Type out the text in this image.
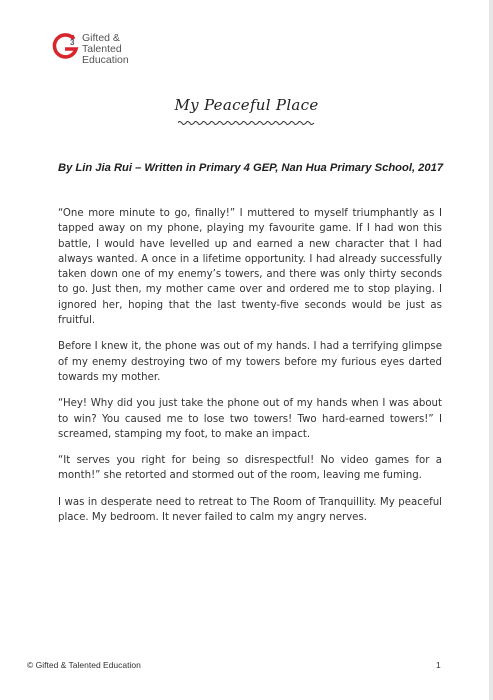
3 Gifted &
Talented
Education
My Peaceful Place
By Lin Jia Rui – Written in Primary 4 GEP, Nan Hua Primary School, 2017

“One more minute to go, finally!” I muttered to myself triumphantly as I tapped away on my phone, playing my favourite game. If I had won this battle, I would have levelled up and earned a new character that I had always wanted. A once in a lifetime opportunity. I had already successfully taken down one of my enemy’s towers, and there was only thirty seconds to go. Just then, my mother came over and ordered me to stop playing. I ignored her, hoping that the last twenty-five seconds would be just as fruitful.

Before I knew it, the phone was out of my hands. I had a terrifying glimpse of my enemy destroying two of my towers before my furious eyes darted towards my mother.

“Hey! Why did you just take the phone out of my hands when I was about to win? You caused me to lose two towers! Two hard-earned towers!” I screamed, stamping my foot, to make an impact.

“It serves you right for being so disrespectful! No video games for a month!” she retorted and stormed out of the room, leaving me fuming.

I was in desperate need to retreat to The Room of Tranquillity. My peaceful place. My bedroom. It never failed to calm my angry nerves.

© Gifted & Talented Education	1
